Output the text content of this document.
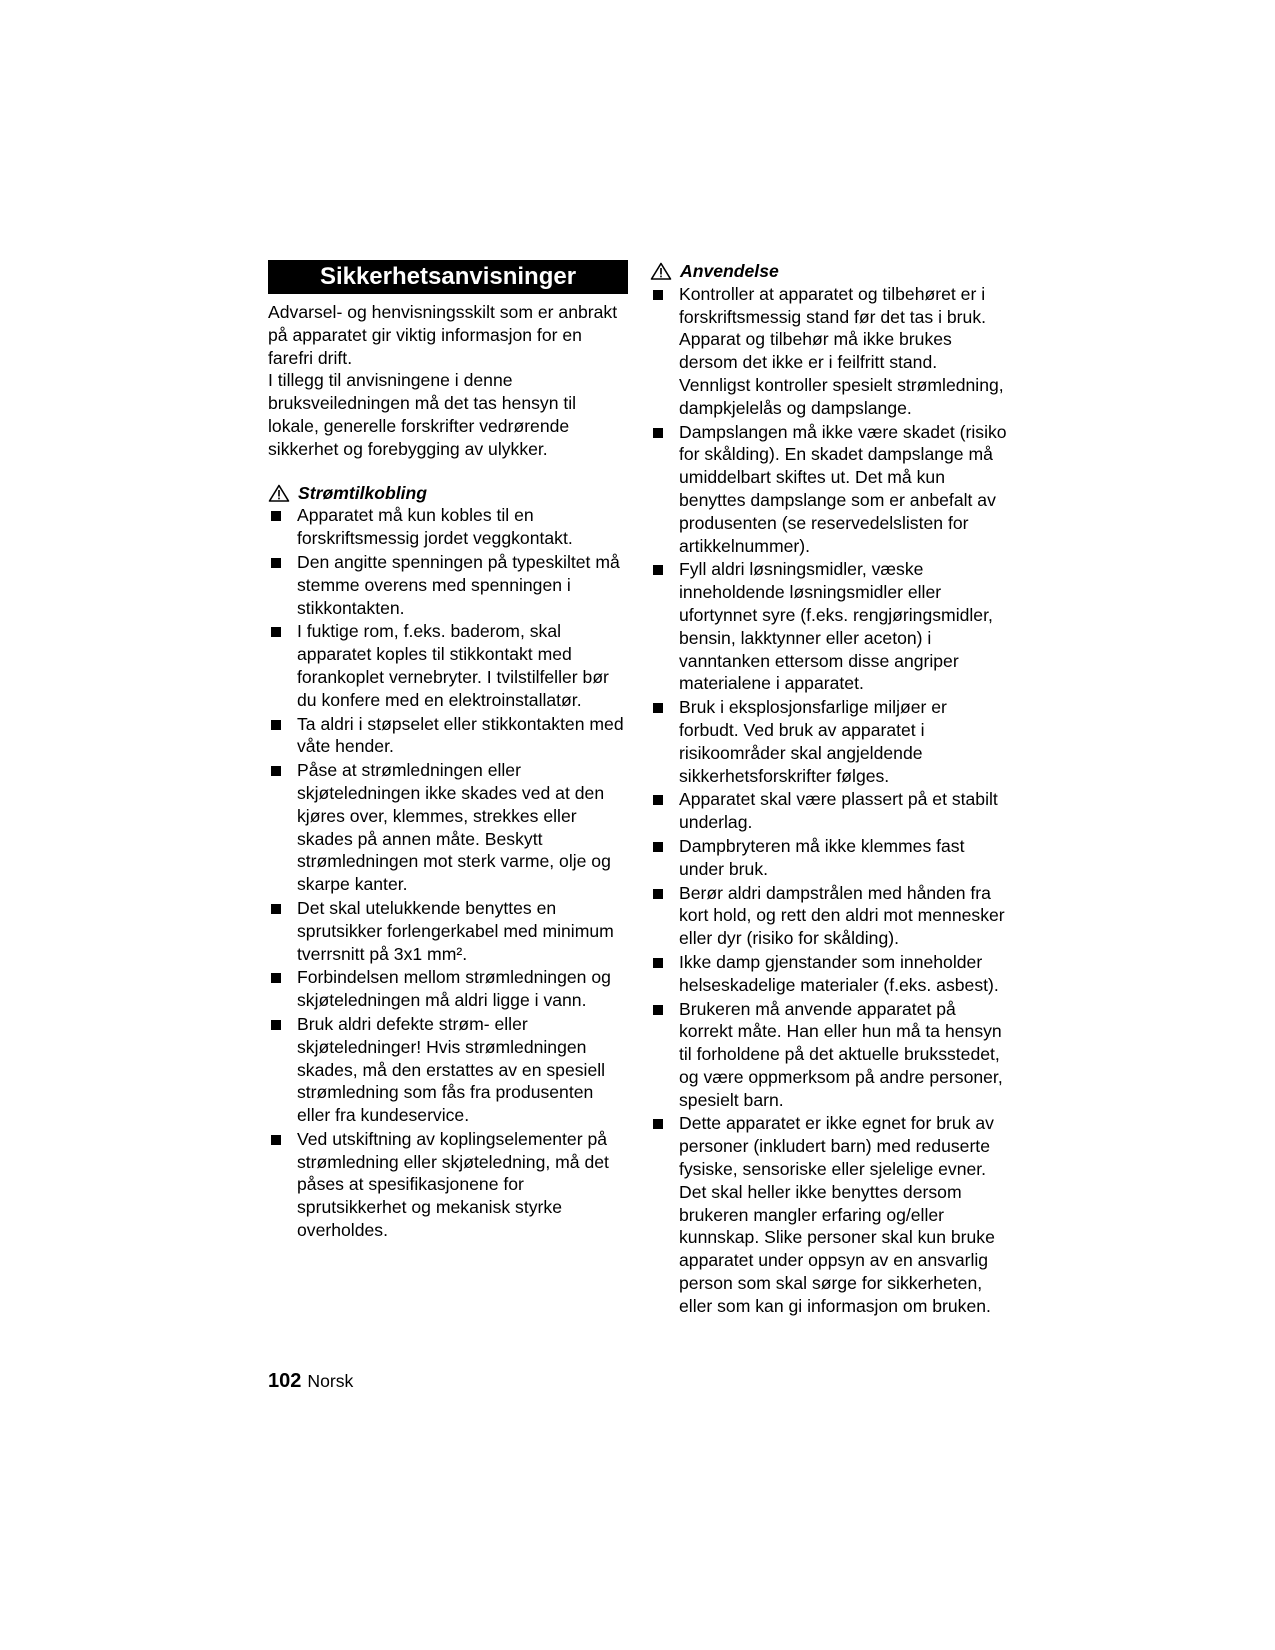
Sikkerhetsanvisninger

Advarsel- og henvisningsskilt som er anbrakt på apparatet gir viktig informasjon for en farefri drift.

I tillegg til anvisningene i denne bruksveiledningen må det tas hensyn til lokale, generelle forskrifter vedrørende sikkerhet og forebygging av ulykker.

Strømtilkobling
Apparatet må kun kobles til en forskriftsmessig jordet veggkontakt.
Den angitte spenningen på typeskiltet må stemme overens med spenningen i stikkontakten.
I fuktige rom, f.eks. baderom, skal apparatet koples til stikkontakt med forankoplet vernebryter. I tvilstilfeller bør du konfere med en elektroinstallatør.
Ta aldri i støpselet eller stikkontakten med våte hender.
Påse at strømledningen eller skjøteledningen ikke skades ved at den kjøres over, klemmes, strekkes eller skades på annen måte. Beskytt strømledningen mot sterk varme, olje og skarpe kanter.
Det skal utelukkende benyttes en sprutsikker forlengerkabel med minimum tverrsnitt på 3x1 mm².
Forbindelsen mellom strømledningen og skjøteledningen må aldri ligge i vann.
Bruk aldri defekte strøm- eller skjøteledninger! Hvis strømledningen skades, må den erstattes av en spesiell strømledning som fås fra produsenten eller fra kundeservice.
Ved utskiftning av koplingselementer på strømledning eller skjøteledning, må det påses at spesifikasjonene for sprutsikkerhet og mekanisk styrke overholdes.
Anvendelse
Kontroller at apparatet og tilbehøret er i forskriftsmessig stand før det tas i bruk. Apparat og tilbehør må ikke brukes dersom det ikke er i feilfritt stand. Vennligst kontroller spesielt strømledning, dampkjelelås og dampslange.
Dampslangen må ikke være skadet (risiko for skålding). En skadet dampslange må umiddelbart skiftes ut. Det må kun benyttes dampslange som er anbefalt av produsenten (se reservedelslisten for artikkelnummer).
Fyll aldri løsningsmidler, væske inneholdende løsningsmidler eller ufortynnet syre (f.eks. rengjøringsmidler, bensin, lakktynner eller aceton) i vanntanken ettersom disse angriper materialene i apparatet.
Bruk i eksplosjonsfarlige miljøer er forbudt. Ved bruk av apparatet i risikoområder skal angjeldende sikkerhetsforskrifter følges.
Apparatet skal være plassert på et stabilt underlag.
Dampbryteren må ikke klemmes fast under bruk.
Berør aldri dampstrålen med hånden fra kort hold, og rett den aldri mot mennesker eller dyr (risiko for skålding).
Ikke damp gjenstander som inneholder helseskadelige materialer (f.eks. asbest).
Brukeren må anvende apparatet på korrekt måte. Han eller hun må ta hensyn til forholdene på det aktuelle bruksstedet, og være oppmerksom på andre personer, spesielt barn.
Dette apparatet er ikke egnet for bruk av personer (inkludert barn) med reduserte fysiske, sensoriske eller sjelelige evner. Det skal heller ikke benyttes dersom brukeren mangler erfaring og/eller kunnskap. Slike personer skal kun bruke apparatet under oppsyn av en ansvarlig person som skal sørge for sikkerheten, eller som kan gi informasjon om bruken.
102 Norsk
